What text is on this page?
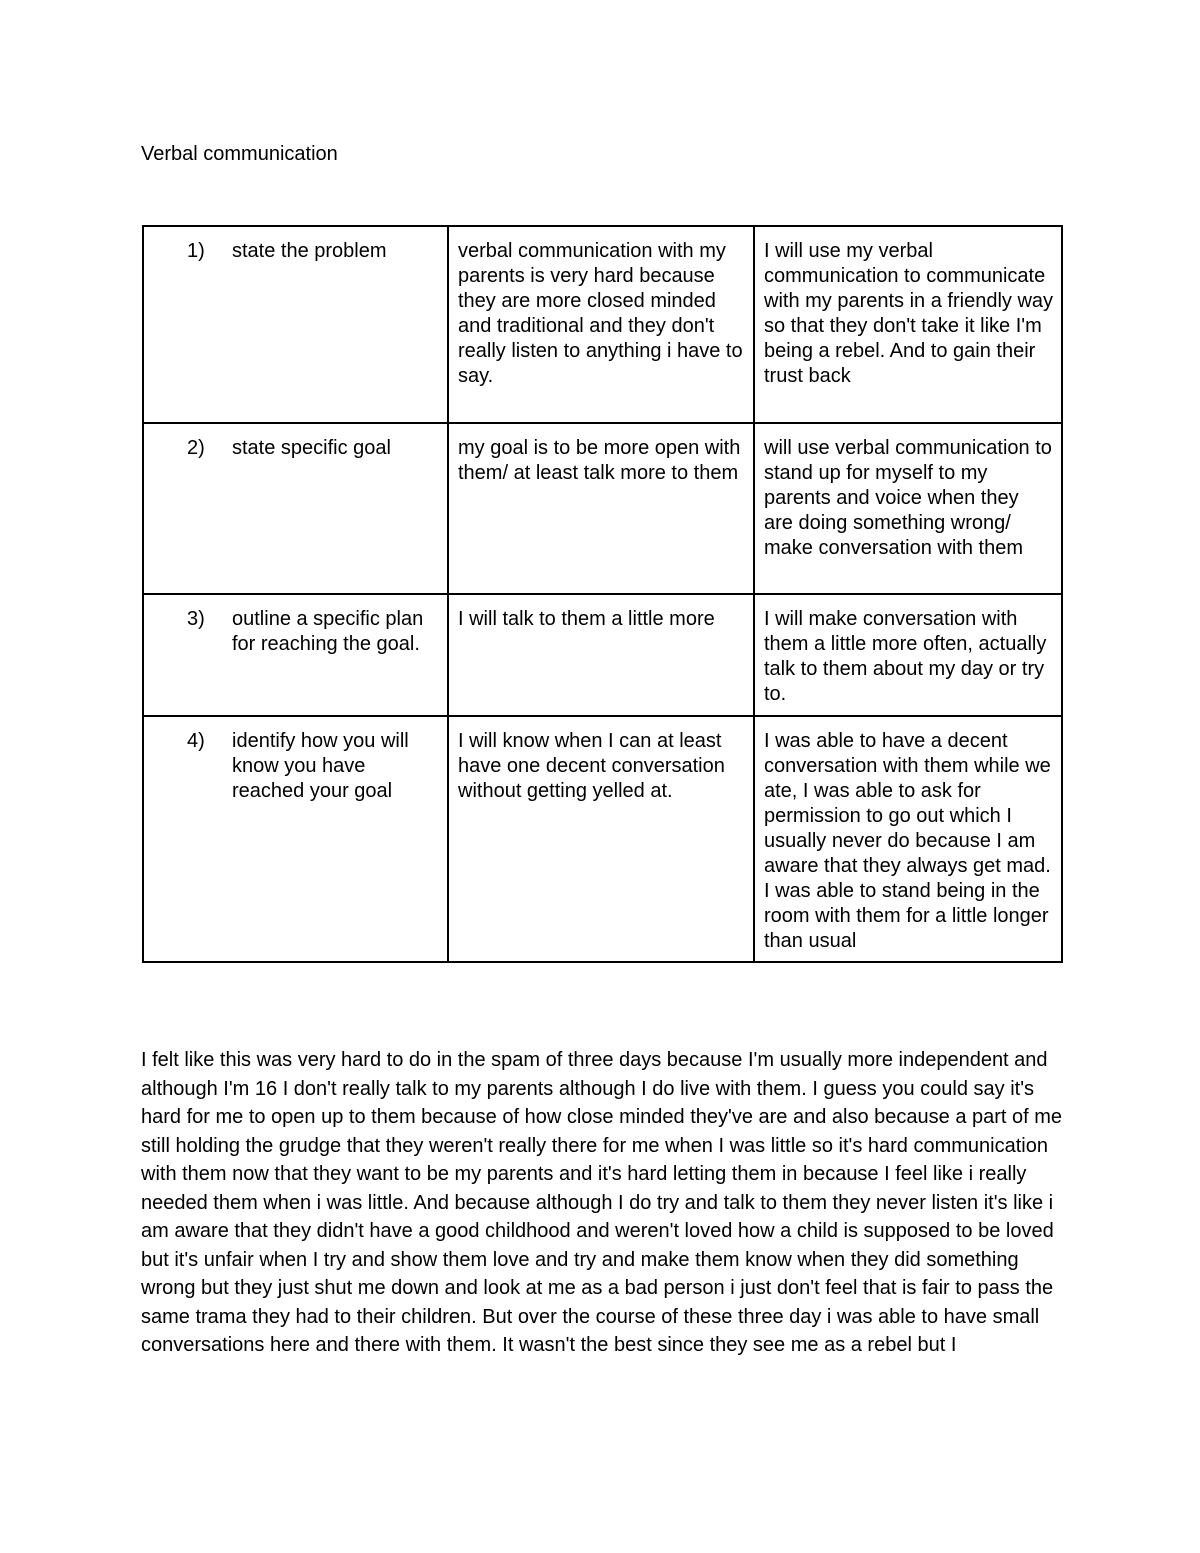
Verbal communication
1) state the problem	verbal communication with my parents is very hard because they are more closed minded and traditional and they don't really listen to anything i have to say.	I will use my verbal communication to communicate with my parents in a friendly way so that they don't take it like I'm being a rebel. And to gain their trust back

2) state specific goal	my goal is to be more open with them/ at least talk more to them	will use verbal communication to stand up for myself to my parents and voice when they are doing something wrong/ make conversation with them

3) outline a specific plan for reaching the goal.	I will talk to them a little more	I will make conversation with them a little more often, actually talk to them about my day or try to.

4) identify how you will know you have reached your goal	I will know when I can at least have one decent conversation without getting yelled at.	I was able to have a decent conversation with them while we ate, I was able to ask for permission to go out which I usually never do because I am aware that they always get mad. I was able to stand being in the room with them for a little longer than usual

I felt like this was very hard to do in the spam of three days because I'm usually more independent and although I'm 16 I don't really talk to my parents although I do live with them. I guess you could say it's hard for me to open up to them because of how close minded they've are and also because a part of me still holding the grudge that they weren't really there for me when I was little so it's hard communication with them now that they want to be my parents and it's hard letting them in because I feel like i really needed them when i was little. And because although I do try and talk to them they never listen it's like i am aware that they didn't have a good childhood and weren't loved how a child is supposed to be loved but it's unfair when I try and show them love and try and make them know when they did something wrong but they just shut me down and look at me as a bad person i just don't feel that is fair to pass the same trama they had to their children. But over the course of these three day i was able to have small conversations here and there with them. It wasn't the best since they see me as a rebel but I
